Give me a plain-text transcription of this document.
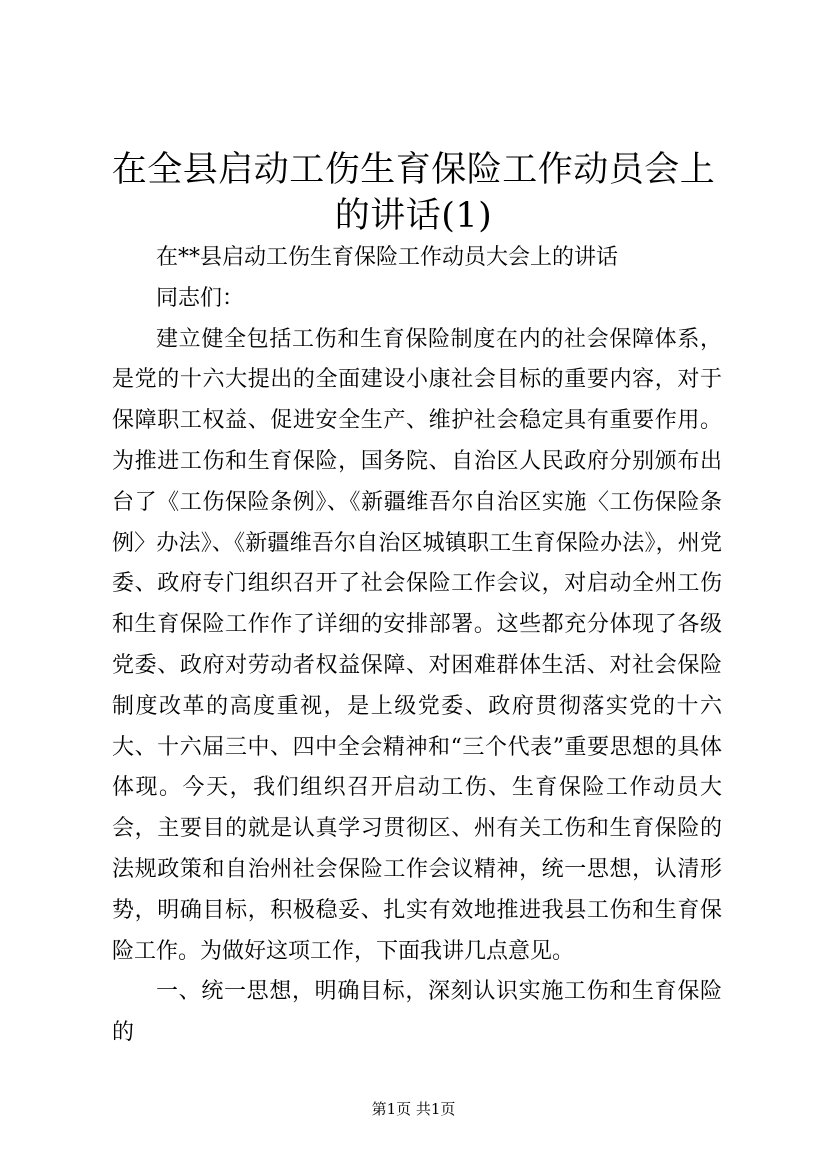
在全县启动工伤生育保险工作动员会上的讲话(1)

在**县启动工伤生育保险工作动员大会上的讲话

同志们：

建立健全包括工伤和生育保险制度在内的社会保障体系，是党的十六大提出的全面建设小康社会目标的重要内容，对于保障职工权益、促进安全生产、维护社会稳定具有重要作用。为推进工伤和生育保险，国务院、自治区人民政府分别颁布出台了《工伤保险条例》、《新疆维吾尔自治区实施〈工伤保险条例〉办法》、《新疆维吾尔自治区城镇职工生育保险办法》，州党委、政府专门组织召开了社会保险工作会议，对启动全州工伤和生育保险工作作了详细的安排部署。这些都充分体现了各级党委、政府对劳动者权益保障、对困难群体生活、对社会保险制度改革的高度重视，是上级党委、政府贯彻落实党的十六大、十六届三中、四中全会精神和“三个代表”重要思想的具体体现。今天，我们组织召开启动工伤、生育保险工作动员大会，主要目的就是认真学习贯彻区、州有关工伤和生育保险的法规政策和自治州社会保险工作会议精神，统一思想，认清形势，明确目标，积极稳妥、扎实有效地推进我县工伤和生育保险工作。为做好这项工作，下面我讲几点意见。

一、统一思想，明确目标，深刻认识实施工伤和生育保险的

第1页 共1页
